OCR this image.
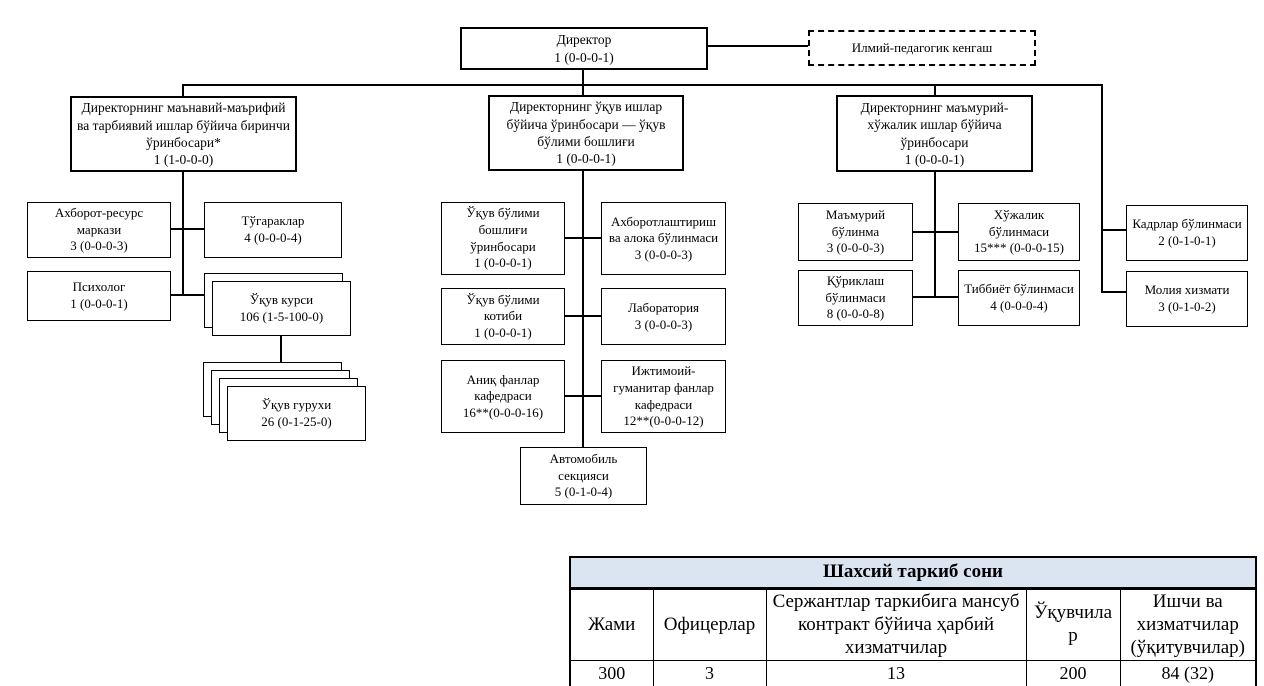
Директор
1 (0-0-0-1)
Илмий-педагогик кенгаш
Директорнинг маънавий-маърифий ва тарбиявий ишлар бўйича биринчи ўринбосари*
1 (1-0-0-0)
Директорнинг ўқув ишлар бўйича ўринбосари — ўқув бўлими бошлиғи
1 (0-0-0-1)
Директорнинг маъмурий-хўжалик ишлар бўйича ўринбосари
1 (0-0-0-1)
Ахборот-ресурс маркази
3 (0-0-0-3)
Тўгараклар
4 (0-0-0-4)
Психолог
1 (0-0-0-1)	Ўқув курси
106 (1-5-100-0)
Ўқув гурухи
26 (0-1-25-0)
Ўқув бўлими бошлиғи ўринбосари
1 (0-0-0-1)
Ахборотлаштириш ва алока бўлинмаси
3 (0-0-0-3)
Ўқув бўлими котиби
1 (0-0-0-1)
Лаборатория
3 (0-0-0-3)
Аниқ фанлар кафедраси
16**(0-0-0-16)
Ижтимоий-гуманитар фанлар кафедраси
12**(0-0-0-12)
Автомобиль секцияси
5 (0-1-0-4)
Маъмурий бўлинма
3 (0-0-0-3)
Хўжалик бўлинмаси
15*** (0-0-0-15)
Қўриклаш бўлинмаси
8 (0-0-0-8)
Тиббиёт бўлинмаси
4 (0-0-0-4)
Кадрлар бўлинмаси
2 (0-1-0-1)
Молия хизмати
3 (0-1-0-2)
Шахсий таркиб сони				
Жами	Офицерлар	Сержантлар таркибига мансуб контракт бўйича ҳарбий хизматчилар	Ўқувчилар	Ишчи ва хизматчилар (ўқитувчилар)
300	3	13	200	84 (32)
